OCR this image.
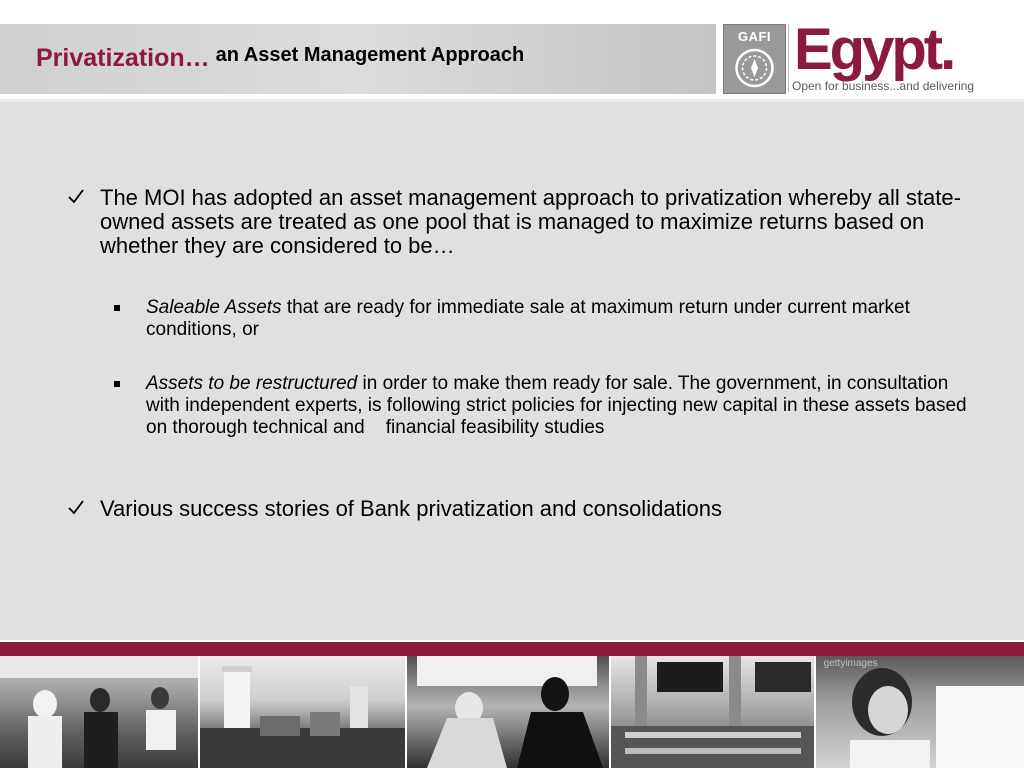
Privatization… an Asset Management Approach
GAFI Egypt.
Open for business...and delivering
The MOI has adopted an asset management approach to privatization whereby all state-owned assets are treated as one pool that is managed to maximize returns based on whether they are considered to be…
Saleable Assets that are ready for immediate sale at maximum return under current market conditions, or
Assets to be restructured in order to make them ready for sale. The government, in consultation with independent experts, is following strict policies for injecting new capital in these assets based on thorough technical and    financial feasibility studies
Various success stories of Bank privatization and consolidations
gettyimages
